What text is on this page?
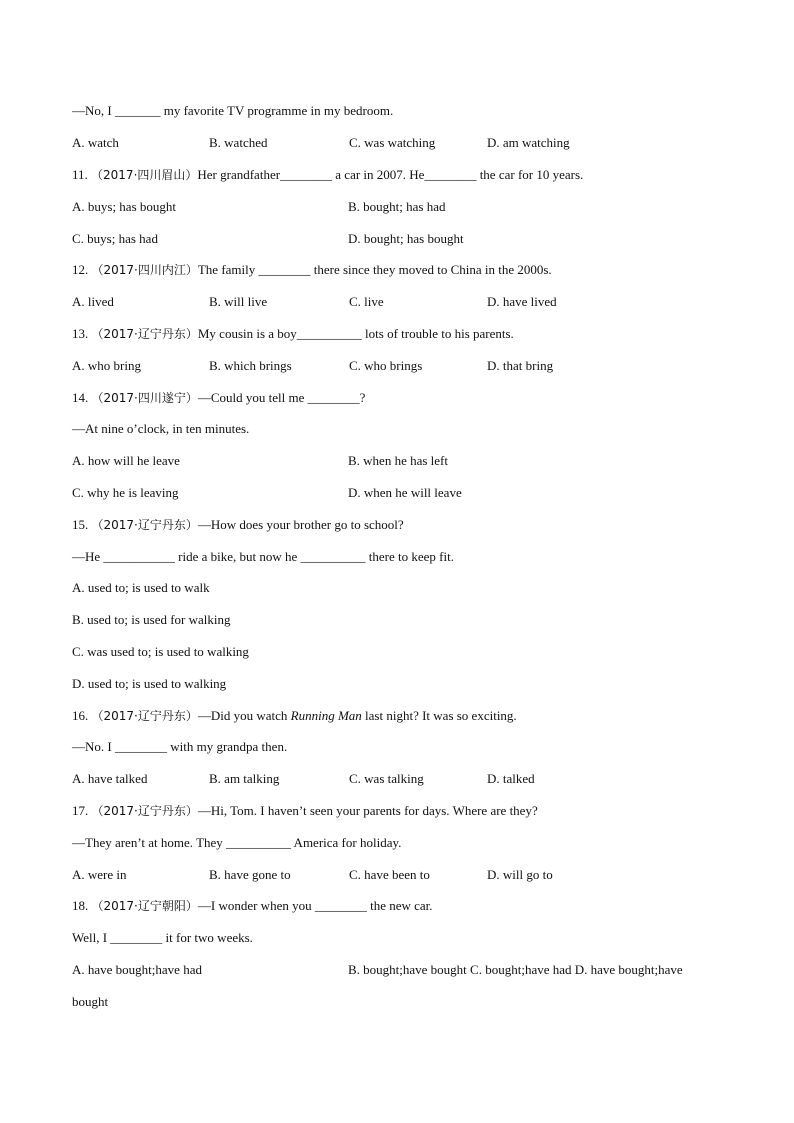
—No, I _______ my favorite TV programme in my bedroom.
A. watch	B. watched	C. was watching	D. am watching
11. （2017·四川眉山）Her grandfather________ a car in 2007. He________ the car for 10 years.
A. buys; has bought	B. bought; has had
C. buys; has had	D. bought; has bought
12. （2017·四川内江）The family ________ there since they moved to China in the 2000s.
A. lived	B. will live	C. live	D. have lived
13. （2017·辽宁丹东）My cousin is a boy__________ lots of trouble to his parents.
A. who bring	B. which brings	C. who brings	D. that bring
14. （2017·四川遂宁）—Could you tell me ________?
—At nine o’clock, in ten minutes.
A. how will he leave	B. when he has left
C. why he is leaving	D. when he will leave
15. （2017·辽宁丹东）—How does your brother go to school?
—He ___________ ride a bike, but now he __________ there to keep fit.
A. used to; is used to walk
B. used to; is used for walking
C. was used to; is used to walking
D. used to; is used to walking
16. （2017·辽宁丹东）—Did you watch Running Man last night? It was so exciting.
—No. I ________ with my grandpa then.
A. have talked	B. am talking	C. was talking	D. talked
17. （2017·辽宁丹东）—Hi, Tom. I haven’t seen your parents for days. Where are they?
—They aren’t at home. They __________ America for holiday.
A. were in	B. have gone to	C. have been to	D. will go to
18. （2017·辽宁朝阳）—I wonder when you ________ the new car.
Well, I ________ it for two weeks.
A. have bought;have had	B. bought;have bought C. bought;have had D. have bought;have
bought
